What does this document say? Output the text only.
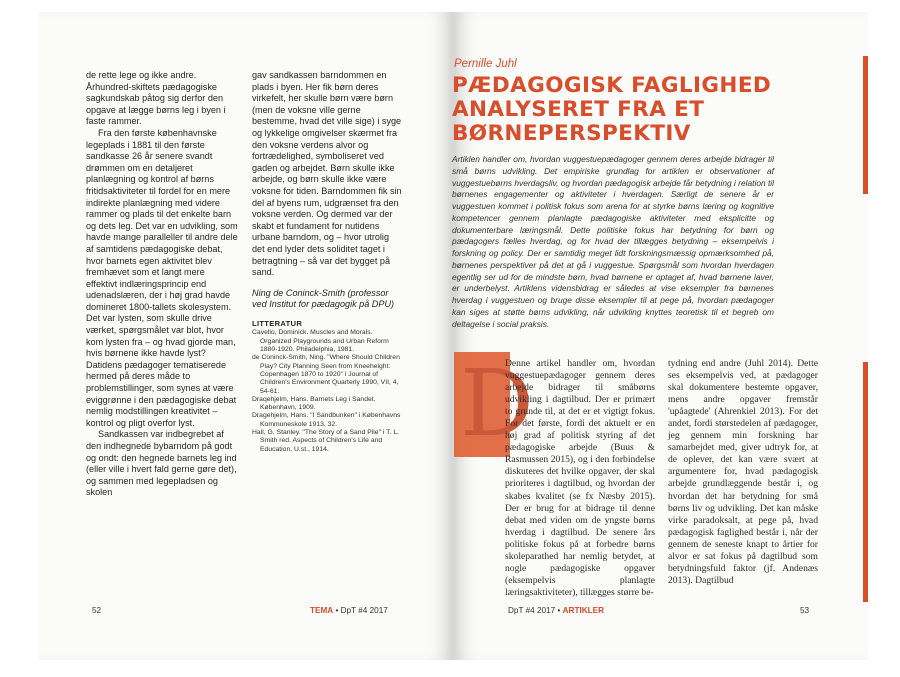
de rette lege og ikke andre. Århundred-skiftets pædagogiske sagkundskab påtog sig derfor den opgave at lægge børns leg i byen i faste rammer.

Fra den første københavnske legeplads i 1881 til den første sandkasse 26 år senere svandt drømmen om en detaljeret planlægning og kontrol af børns fritidsaktiviteter til fordel for en mere indirekte planlægning med videre rammer og plads til det enkelte barn og dets leg. Det var en udvikling, som havde mange paralleller til andre dele af samtidens pædagogiske debat, hvor barnets egen aktivitet blev fremhævet som et langt mere effektivt indlæringsprincip end udenadslæren, der i høj grad havde domineret 1800-tallets skolesystem. Det var lysten, som skulle drive værket, spørgsmålet var blot, hvor kom lysten fra – og hvad gjorde man, hvis børnene ikke havde lyst? Datidens pædagoger tematiserede hermed på deres måde to problemstillinger, som synes at være eviggrønne i den pædagogiske debat nemlig modstillingen kreativitet – kontrol og pligt overfor lyst.

Sandkassen var indbegrebet af den indhegnede bybarndom på godt og ondt: den hegnede barnets leg ind (eller ville i hvert fald gerne gøre det), og sammen med legepladsen og skolen

gav sandkassen barndommen en plads i byen. Her fik børn deres virkefelt, her skulle børn være børn (men de voksne ville gerne bestemme, hvad det ville sige) i syge og lykkelige omgivelser skærmet fra den voksne verdens alvor og fortrædelighed, symboliseret ved gaden og arbejdet. Børn skulle ikke arbejde, og børn skulle ikke være voksne for tiden. Barndommen fik sin del af byens rum, udgrænset fra den voksne verden. Og dermed var der skabt et fundament for nutidens urbane barndom, og – hvor utrolig det end lyder dets soliditet taget i betragtning – så var det bygget på sand.

Ning de Coninck-Smith (professor ved Institut for pædagogik på DPU)

LITTERATUR

Cavello, Dominick. Muscles and Morals. Organized Playgrounds and Urban Reform 1880-1920. Philadelphia, 1981.

de Coninck-Smith, Ning. "Where Should Children Play? City Planning Seen from Kneehelght: Copenhagen 1870 to 1920" i Journal of Children's Environment Quarterly 1990, VII, 4, 54-61.

Draqehjelm, Hans. Barnets Leg i Sandet. København, 1909.

Dragehjelm, Hans. "I Sandbunken" i Københavns Kommuneskole 1913, 32.

Hall, G. Stanley. "The Story of a Sand Pile" i T. L. Smith red. Aspects of Children's Life and Education. U.st., 1914.

52	TEMA • DpT #4 2017
Pernille Juhl
PÆDAGOGISK FAGLIGHED ANALYSERET FRA ET BØRNEPERSPEKTIV
Artiklen handler om, hvordan vuggestuepædagoger gennem deres arbejde bidrager til små børns udvikling. Det empiriske grundlag for artiklen er observationer af vuggestuebørns hverdagsliv, og hvordan pædagogisk arbejde får betydning i relation til børnenes engagementer og aktiviteter i hverdagen. Særligt de senere år er vuggestuen kommet i politisk fokus som arena for at styrke børns læring og kognitive kompetencer gennem planlagte pædagogiske aktiviteter med eksplicitte og dokumenterbare læringsmål. Dette politiske fokus har betydning for børn og pædagogers fælles hverdag, og for hvad der tillægges betydning – eksempelvis i forskning og policy. Der er samtidig meget lidt forskningsmæssig opmærksomhed på, børnenes perspektiver på det at gå i vuggestue. Spørgsmål som hvordan hverdagen egentlig ser ud for de mindste børn, hvad børnene er optaget af, hvad børnene laver, er underbelyst. Artiklens vidensbidrag er således at vise eksempler fra børnenes hverdag i vuggestuen og bruge disse eksempler til at pege på, hvordan pædagoger kan siges at støtte børns udvikling, når udvikling knyttes teoretisk til et begreb om deltagelse i social praksis.
D

Denne artikel handler om, hvordan vuggestuepædagoger gennem deres arbejde bidrager til småbørns udvikling i dagtilbud. Der er primært to grunde til, at det er et vigtigt fokus. For det første, fordi det aktuelt er en høj grad af politisk styring af det pædagogiske arbejde (Buus & Rasmussen 2015), og i den forbindelse diskuteres det hvilke opgaver, der skal prioriteres i dagtilbud, og hvordan der skabes kvalitet (se fx Næsby 2015). Der er brug for at bidrage til denne debat med viden om de yngste børns hverdag i dagtilbud. De senere års politiske fokus på at forbedre børns skoleparathed har nemlig betydet, at nogle pædagogiske opgaver (eksempelvis planlagte læringsaktiviteter), tillægges større be-

tydning end andre (Juhl 2014). Dette ses eksempelvis ved, at pædagoger skal dokumentere bestemte opgaver, mens andre opgaver fremstår 'upåagtede' (Ahrenkiel 2013). For det andet, fordi størstedelen af pædagoger, jeg gennem min forskning har samarbejdet med, giver udtryk for, at de oplever, det kan være svært at argumentere for, hvad pædagogisk arbejde grundlæggende består i, og hvordan det har betydning for små børns liv og udvikling. Det kan måske virke paradoksalt, at pege på, hvad pædagogisk faglighed består i, når der gennem de seneste knapt to årtier for alvor er sat fokus på dagtilbud som betydningsfuld faktor (jf. Andenæs 2013). Dagtilbud

DpT #4 2017 • ARTIKLER	53
